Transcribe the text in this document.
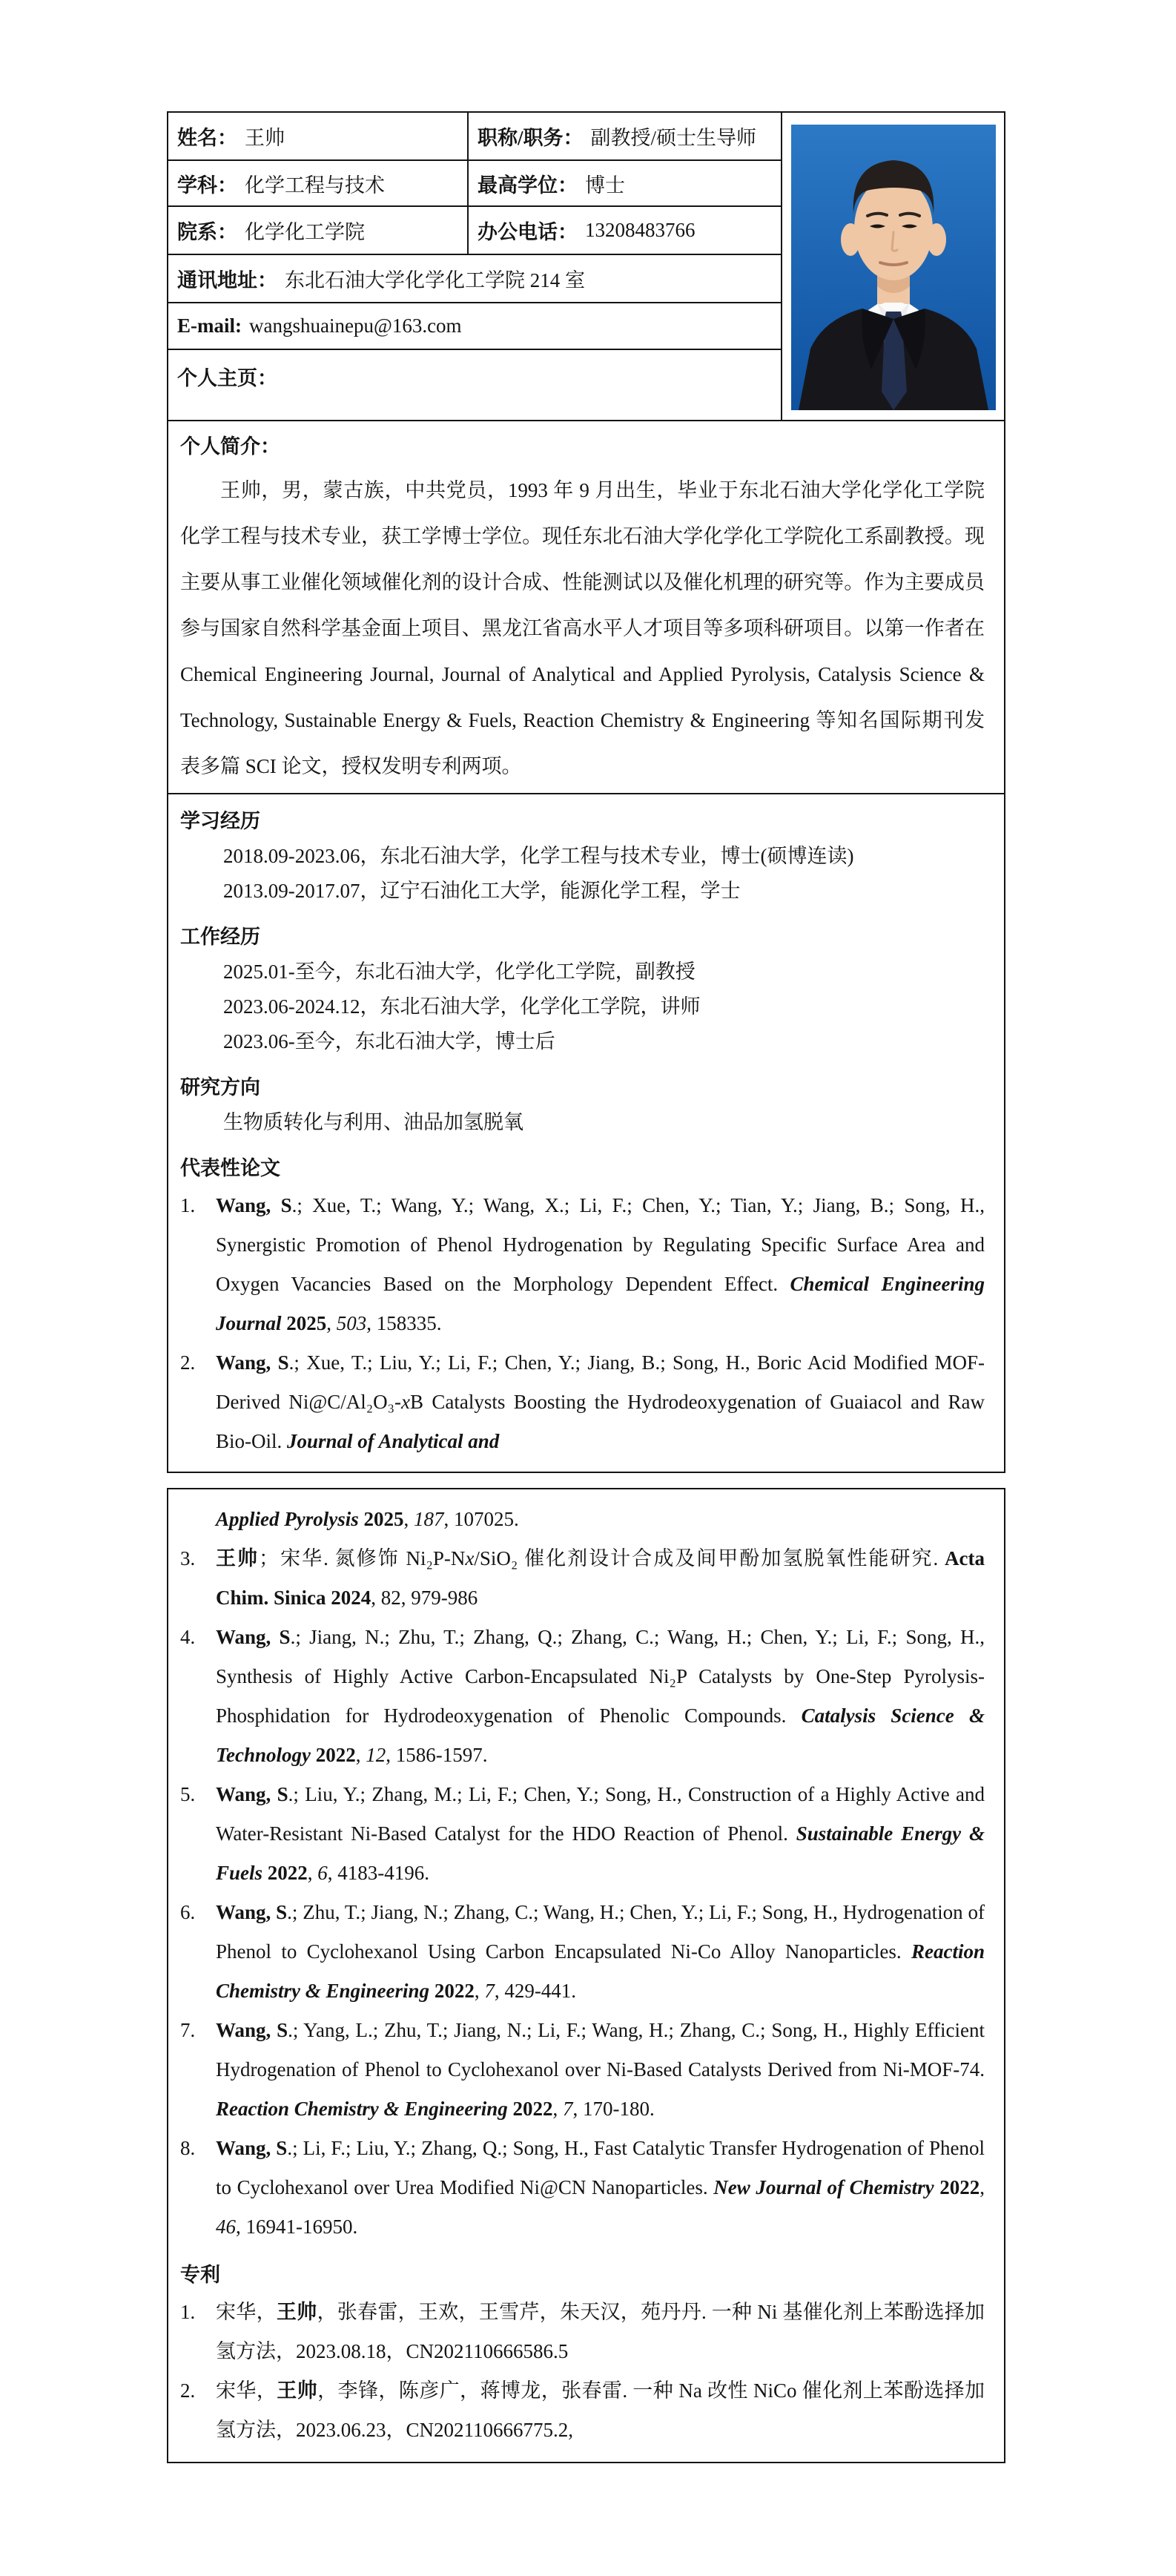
姓名： 王帅	职称/职务： 副教授/硕士生导师
学科： 化学工程与技术	最高学位： 博士
院系： 化学化工学院	办公电话： 13208483766
通讯地址： 东北石油大学化学化工学院 214 室
E-mail: wangshuainepu@163.com
个人主页：
个人简介：
王帅，男，蒙古族，中共党员，1993 年 9 月出生，毕业于东北石油大学化学化工学院化学工程与技术专业，获工学博士学位。现任东北石油大学化学化工学院化工系副教授。现主要从事工业催化领域催化剂的设计合成、性能测试以及催化机理的研究等。作为主要成员参与国家自然科学基金面上项目、黑龙江省高水平人才项目等多项科研项目。以第一作者在 Chemical Engineering Journal, Journal of Analytical and Applied Pyrolysis, Catalysis Science & Technology, Sustainable Energy & Fuels, Reaction Chemistry & Engineering 等知名国际期刊发表多篇 SCI 论文，授权发明专利两项。
学习经历
2018.09-2023.06，东北石油大学，化学工程与技术专业，博士(硕博连读)
2013.09-2017.07，辽宁石油化工大学，能源化学工程，学士
工作经历
2025.01-至今，东北石油大学，化学化工学院，副教授
2023.06-2024.12，东北石油大学，化学化工学院，讲师
2023.06-至今，东北石油大学，博士后
研究方向
生物质转化与利用、油品加氢脱氧
代表性论文
1.	Wang, S.; Xue, T.; Wang, Y.; Wang, X.; Li, F.; Chen, Y.; Tian, Y.; Jiang, B.; Song, H., Synergistic Promotion of Phenol Hydrogenation by Regulating Specific Surface Area and Oxygen Vacancies Based on the Morphology Dependent Effect. Chemical Engineering Journal 2025, 503, 158335.
2.	Wang, S.; Xue, T.; Liu, Y.; Li, F.; Chen, Y.; Jiang, B.; Song, H., Boric Acid Modified MOF-Derived Ni@C/Al₂O₃-xB Catalysts Boosting the Hydrodeoxygenation of Guaiacol and Raw Bio-Oil. Journal of Analytical and
Applied Pyrolysis 2025, 187, 107025.
3.	王帅；宋华. 氮修饰 Ni₂P-Nx/SiO₂ 催化剂设计合成及间甲酚加氢脱氧性能研究. Acta Chim. Sinica 2024, 82, 979-986
4.	Wang, S.; Jiang, N.; Zhu, T.; Zhang, Q.; Zhang, C.; Wang, H.; Chen, Y.; Li, F.; Song, H., Synthesis of Highly Active Carbon-Encapsulated Ni₂P Catalysts by One-Step Pyrolysis-Phosphidation for Hydrodeoxygenation of Phenolic Compounds. Catalysis Science & Technology 2022, 12, 1586-1597.
5.	Wang, S.; Liu, Y.; Zhang, M.; Li, F.; Chen, Y.; Song, H., Construction of a Highly Active and Water-Resistant Ni-Based Catalyst for the HDO Reaction of Phenol. Sustainable Energy & Fuels 2022, 6, 4183-4196.
6.	Wang, S.; Zhu, T.; Jiang, N.; Zhang, C.; Wang, H.; Chen, Y.; Li, F.; Song, H., Hydrogenation of Phenol to Cyclohexanol Using Carbon Encapsulated Ni-Co Alloy Nanoparticles. Reaction Chemistry & Engineering 2022, 7, 429-441.
7.	Wang, S.; Yang, L.; Zhu, T.; Jiang, N.; Li, F.; Wang, H.; Zhang, C.; Song, H., Highly Efficient Hydrogenation of Phenol to Cyclohexanol over Ni-Based Catalysts Derived from Ni-MOF-74. Reaction Chemistry & Engineering 2022, 7, 170-180.
8.	Wang, S.; Li, F.; Liu, Y.; Zhang, Q.; Song, H., Fast Catalytic Transfer Hydrogenation of Phenol to Cyclohexanol over Urea Modified Ni@CN Nanoparticles. New Journal of Chemistry 2022, 46, 16941-16950.
专利
1.	宋华，王帅，张春雷，王欢，王雪芹，朱天汉，苑丹丹. 一种 Ni 基催化剂上苯酚选择加氢方法，2023.08.18，CN202110666586.5
2.	宋华，王帅，李锋，陈彦广，蒋博龙，张春雷. 一种 Na 改性 NiCo 催化剂上苯酚选择加氢方法，2023.06.23，CN202110666775.2,
